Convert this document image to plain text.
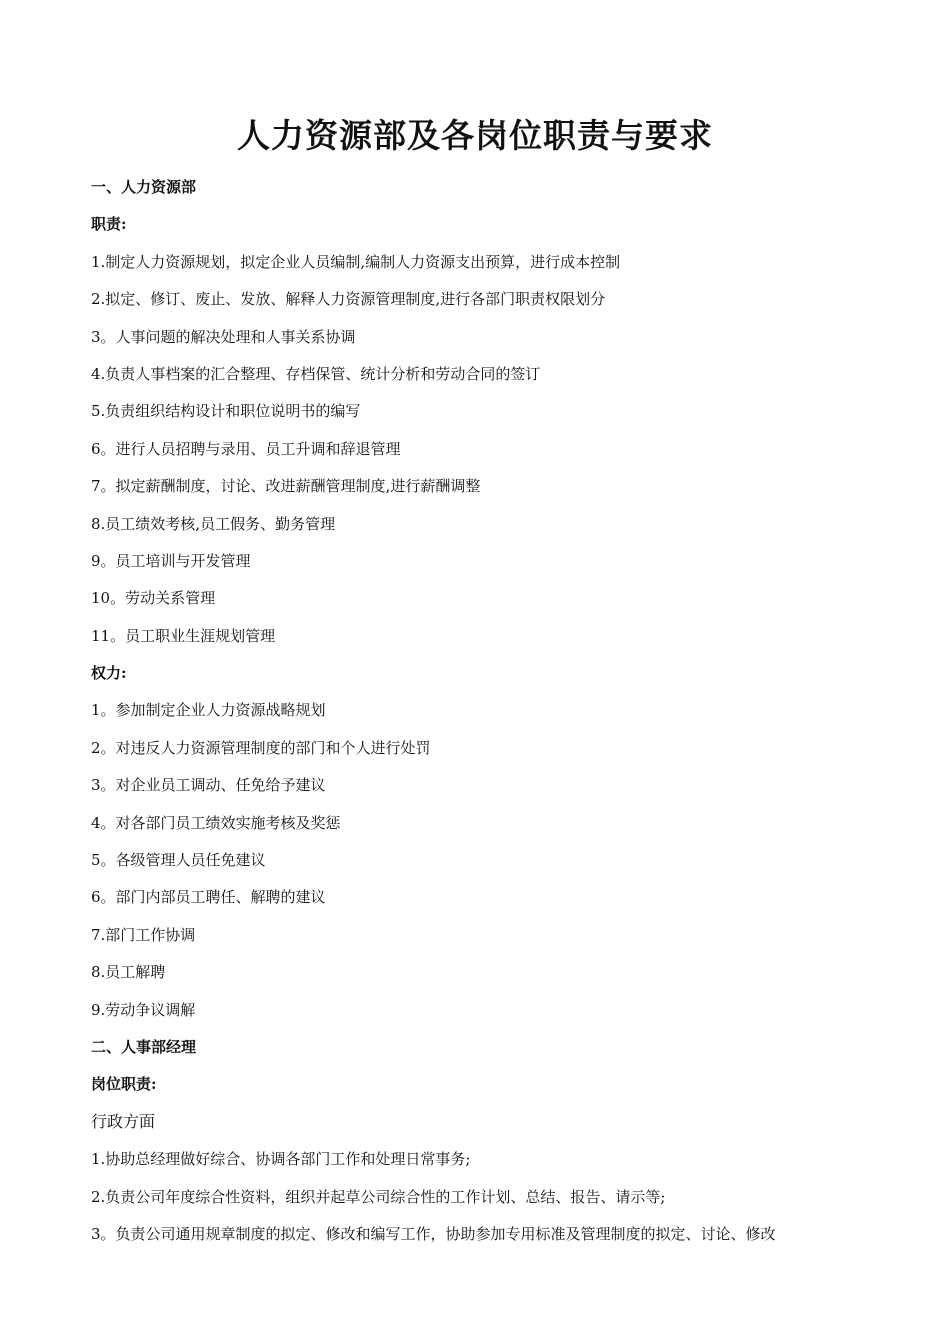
人力资源部及各岗位职责与要求
一、人力资源部
职责:
1.制定人力资源规划，拟定企业人员编制,编制人力资源支出预算，进行成本控制
2.拟定、修订、废止、发放、解释人力资源管理制度,进行各部门职责权限划分
3。人事问题的解决处理和人事关系协调
4.负责人事档案的汇合整理、存档保管、统计分析和劳动合同的签订
5.负责组织结构设计和职位说明书的编写
6。进行人员招聘与录用、员工升调和辞退管理
7。拟定薪酬制度，讨论、改进薪酬管理制度,进行薪酬调整
8.员工绩效考核,员工假务、勤务管理
9。员工培训与开发管理
10。劳动关系管理
11。员工职业生涯规划管理
权力:
1。参加制定企业人力资源战略规划
2。对违反人力资源管理制度的部门和个人进行处罚
3。对企业员工调动、任免给予建议
4。对各部门员工绩效实施考核及奖惩
5。各级管理人员任免建议
6。部门内部员工聘任、解聘的建议
7.部门工作协调
8.员工解聘
9.劳动争议调解
二、人事部经理
岗位职责:
行政方面
1.协助总经理做好综合、协调各部门工作和处理日常事务;
2.负责公司年度综合性资料，组织并起草公司综合性的工作计划、总结、报告、请示等;
3。负责公司通用规章制度的拟定、修改和编写工作，协助参加专用标准及管理制度的拟定、讨论、修改
